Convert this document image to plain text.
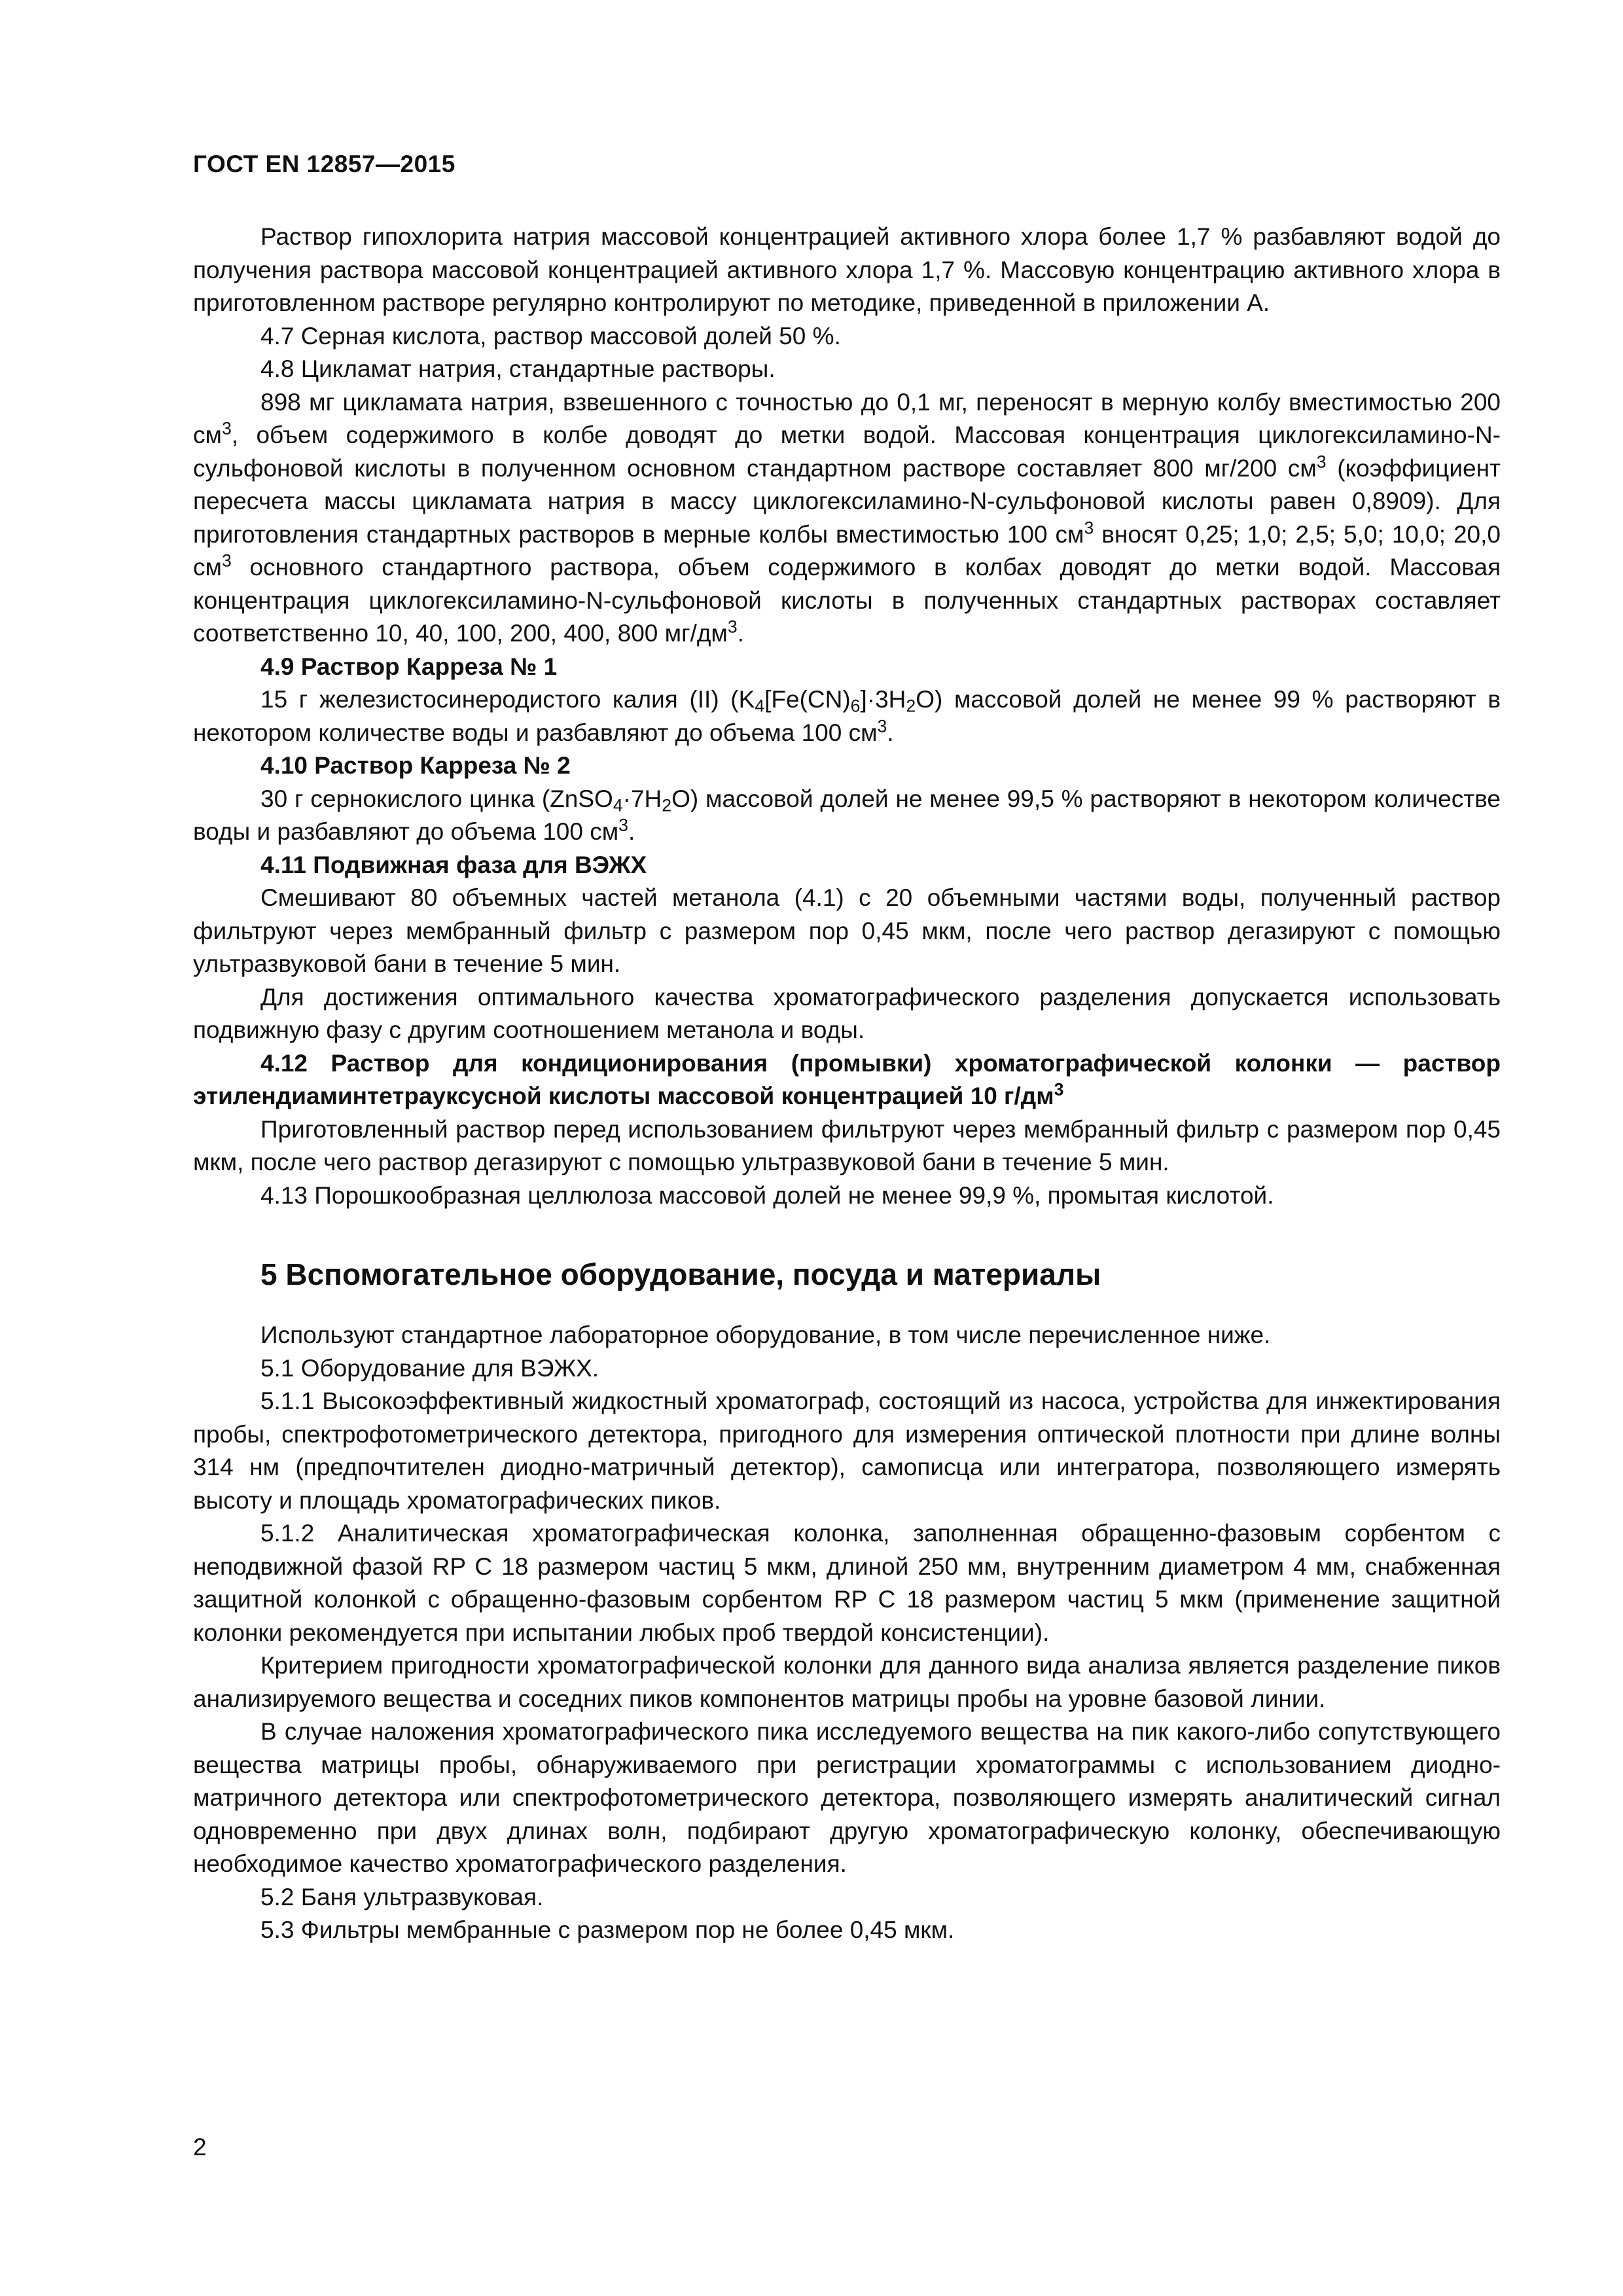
ГОСТ EN 12857—2015

Раствор гипохлорита натрия массовой концентрацией активного хлора более 1,7 % разбавляют водой до получения раствора массовой концентрацией активного хлора 1,7 %. Массовую концентрацию активного хлора в приготовленном растворе регулярно контролируют по методике, приведенной в приложении А.

4.7 Серная кислота, раствор массовой долей 50 %.

4.8 Цикламат натрия, стандартные растворы.

898 мг цикламата натрия, взвешенного с точностью до 0,1 мг, переносят в мерную колбу вместимостью 200 $см^3$, объем содержимого в колбе доводят до метки водой. Массовая концентрация циклогексиламино-N-сульфоновой кислоты в полученном основном стандартном растворе составляет 800 мг/200 $см^3$ (коэффициент пересчета массы цикламата натрия в массу циклогексиламино-N-сульфоновой кислоты равен 0,8909). Для приготовления стандартных растворов в мерные колбы вместимостью 100 $см^3$ вносят 0,25; 1,0; 2,5; 5,0; 10,0; 20,0 $см^3$ основного стандартного раствора, объем содержимого в колбах доводят до метки водой. Массовая концентрация циклогексиламино-N-сульфоновой кислоты в полученных стандартных растворах составляет соответственно 10, 40, 100, 200, 400, 800 $мг/дм^3$.

4.9 Раствор Карреза № 1

15 г железистосинеродистого калия (II) $(K_4[Fe(CN)_6]\cdot 3H_2O)$ массовой долей не менее 99 % растворяют в некотором количестве воды и разбавляют до объема 100 $см^3$.

4.10 Раствор Карреза № 2

30 г сернокислого цинка $(ZnSO_4\cdot 7H_2O)$ массовой долей не менее 99,5 % растворяют в некотором количестве воды и разбавляют до объема 100 $см^3$.

4.11 Подвижная фаза для ВЭЖХ

Смешивают 80 объемных частей метанола (4.1) с 20 объемными частями воды, полученный раствор фильтруют через мембранный фильтр с размером пор 0,45 мкм, после чего раствор дегазируют с помощью ультразвуковой бани в течение 5 мин.

Для достижения оптимального качества хроматографического разделения допускается использовать подвижную фазу с другим соотношением метанола и воды.

4.12 Раствор для кондиционирования (промывки) хроматографической колонки — раствор этилендиаминтетрауксусной кислоты массовой концентрацией 10 $г/дм^3$

Приготовленный раствор перед использованием фильтруют через мембранный фильтр с размером пор 0,45 мкм, после чего раствор дегазируют с помощью ультразвуковой бани в течение 5 мин.

4.13 Порошкообразная целлюлоза массовой долей не менее 99,9 %, промытая кислотой.

5 Вспомогательное оборудование, посуда и материалы

Используют стандартное лабораторное оборудование, в том числе перечисленное ниже.

5.1 Оборудование для ВЭЖХ.

5.1.1 Высокоэффективный жидкостный хроматограф, состоящий из насоса, устройства для инжектирования пробы, спектрофотометрического детектора, пригодного для измерения оптической плотности при длине волны 314 нм (предпочтителен диодно-матричный детектор), самописца или интегратора, позволяющего измерять высоту и площадь хроматографических пиков.

5.1.2 Аналитическая хроматографическая колонка, заполненная обращенно-фазовым сорбентом с неподвижной фазой RP C 18 размером частиц 5 мкм, длиной 250 мм, внутренним диаметром 4 мм, снабженная защитной колонкой с обращенно-фазовым сорбентом RP C 18 размером частиц 5 мкм (применение защитной колонки рекомендуется при испытании любых проб твердой консистенции).

Критерием пригодности хроматографической колонки для данного вида анализа является разделение пиков анализируемого вещества и соседних пиков компонентов матрицы пробы на уровне базовой линии.

В случае наложения хроматографического пика исследуемого вещества на пик какого-либо сопутствующего вещества матрицы пробы, обнаруживаемого при регистрации хроматограммы с использованием диодно-матричного детектора или спектрофотометрического детектора, позволяющего измерять аналитический сигнал одновременно при двух длинах волн, подбирают другую хроматографическую колонку, обеспечивающую необходимое качество хроматографического разделения.

5.2 Баня ультразвуковая.

5.3 Фильтры мембранные с размером пор не более 0,45 мкм.

2
